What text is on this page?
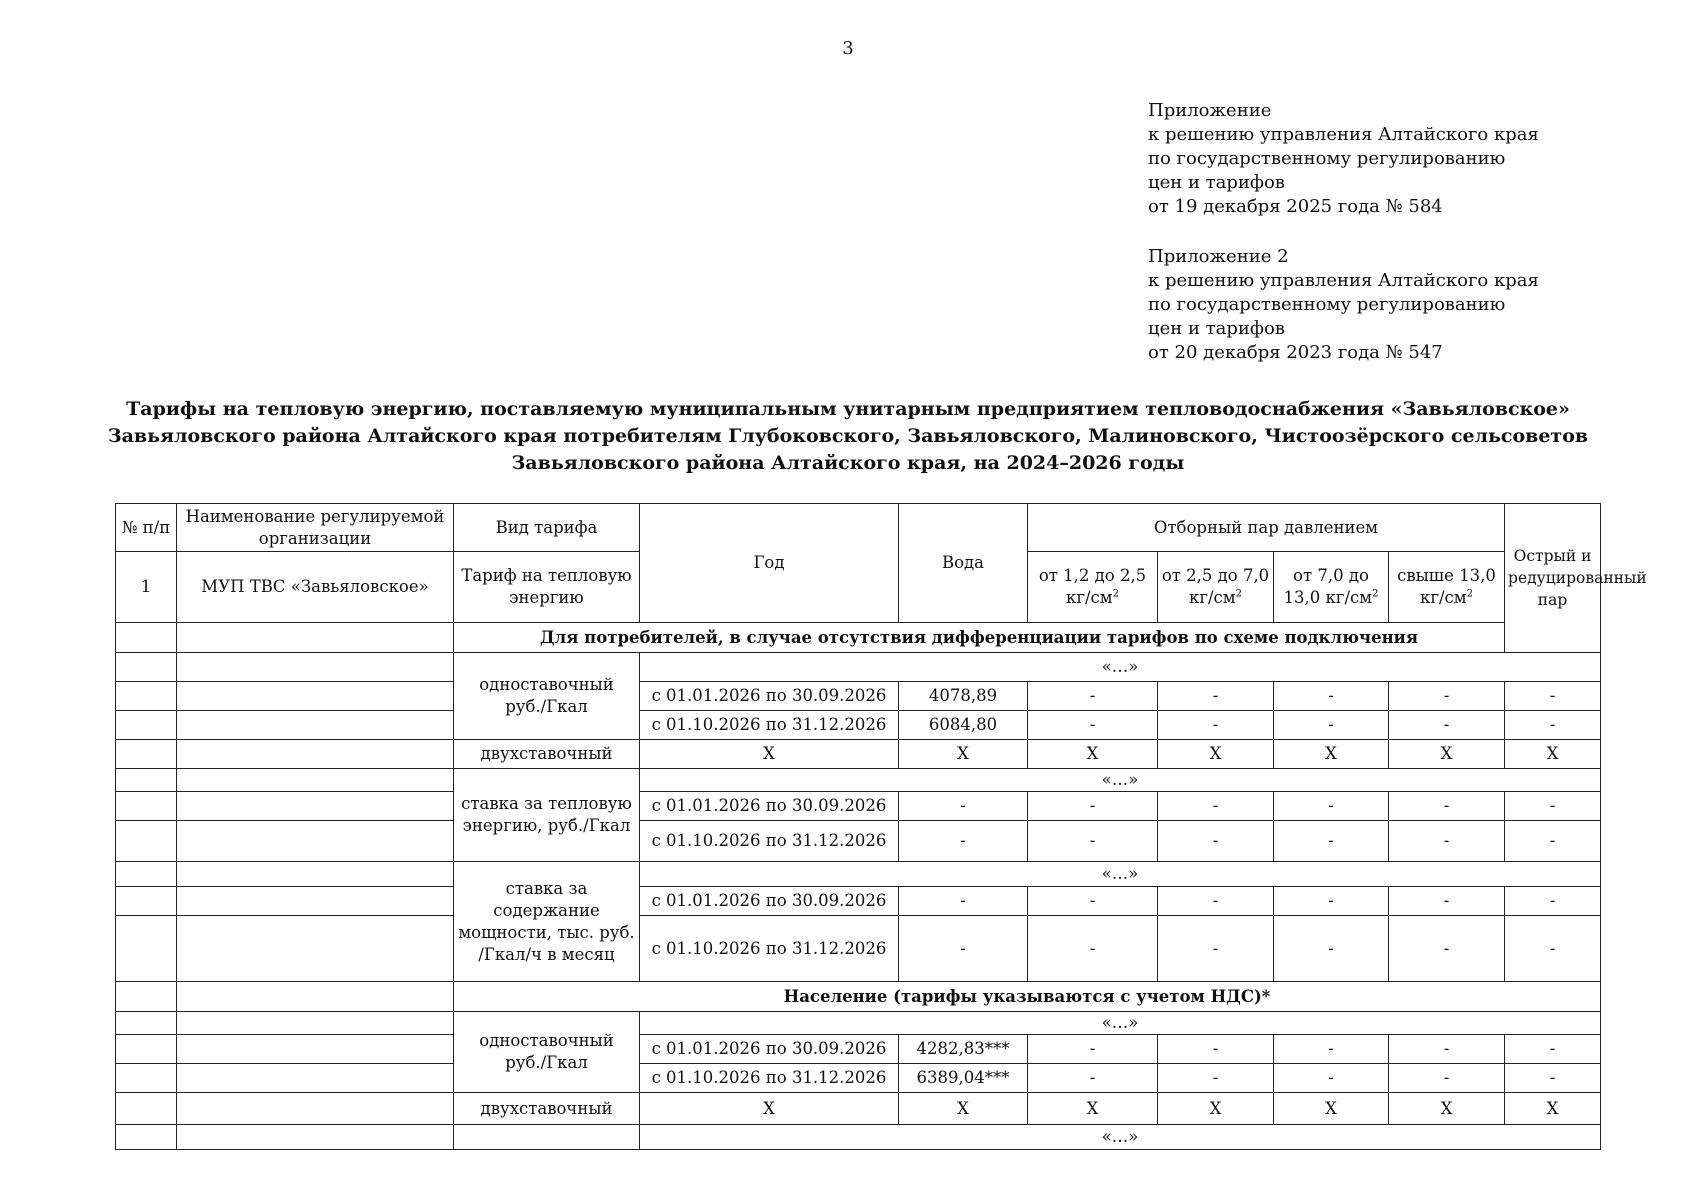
3
Приложение
к решению управления Алтайского края
по государственному регулированию
цен и тарифов
от 19 декабря 2025 года № 584
Приложение 2
к решению управления Алтайского края
по государственному регулированию
цен и тарифов
от 20 декабря 2023 года № 547
Тарифы на тепловую энергию, поставляемую муниципальным унитарным предприятием тепловодоснабжения «Завьяловское»
Завьяловского района Алтайского края потребителям Глубоковского, Завьяловского, Малиновского, Чистоозёрского сельсоветов
Завьяловского района Алтайского края, на 2024–2026 годы
№ п/п	Наименование регулируемой организации	Вид тарифа	Год	Вода	Отборный пар давлением				Острый и редуцированный пар
1	МУП ТВС «Завьяловское»	Тариф на тепловую энергию			от 1,2 до 2,5 $кг/см^2$	от 2,5 до 7,0 $кг/см^2$	от 7,0 до 13,0 $кг/см^2$	свыше 13,0 $кг/см^2$
		Для потребителей, в случае отсутствия дифференциации тарифов по схеме подключения							
		одноставочный руб./Гкал	«…»						
			с 01.01.2026 по 30.09.2026	4078,89	-	-	-	-	-
			с 01.10.2026 по 31.12.2026	6084,80	-	-	-	-	-
		двухставочный	Х	Х	Х	Х	Х	Х	Х
		ставка за тепловую энергию, руб./Гкал	«…»						
			с 01.01.2026 по 30.09.2026	-	-	-	-	-	-
			с 01.10.2026 по 31.12.2026	-	-	-	-	-	-
		ставка за содержание мощности, тыс. руб. /Гкал/ч в месяц	«…»						
			с 01.01.2026 по 30.09.2026	-	-	-	-	-	-
			с 01.10.2026 по 31.12.2026	-	-	-	-	-	-
		Население (тарифы указываются с учетом НДС)*							
		одноставочный руб./Гкал	«…»						
			с 01.01.2026 по 30.09.2026	4282,83***	-	-	-	-	-
			с 01.10.2026 по 31.12.2026	6389,04***	-	-	-	-	-
		двухставочный	Х	Х	Х	Х	Х	Х	Х
			«…»						
